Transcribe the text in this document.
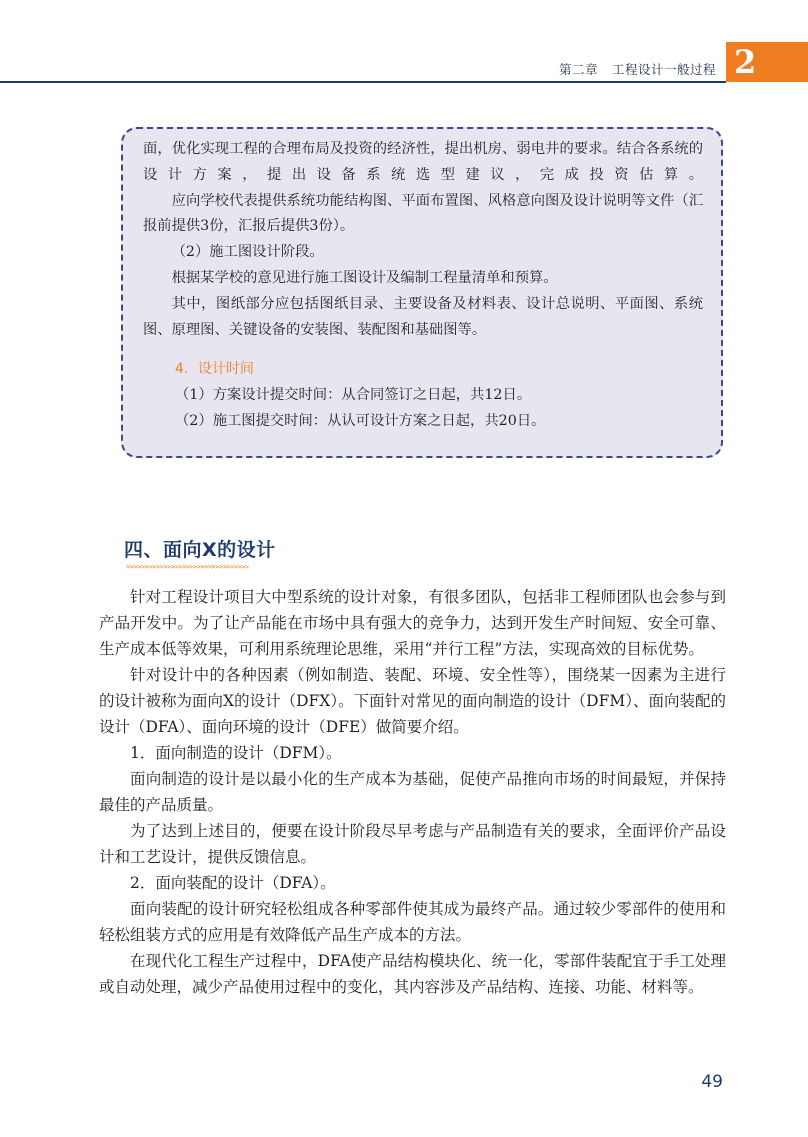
第二章 工程设计一般过程 2

面，优化实现工程的合理布局及投资的经济性，提出机房、弱电井的要求。结合各系统的设计方案，提出设备系统选型建议，完成投资估算。

应向学校代表提供系统功能结构图、平面布置图、风格意向图及设计说明等文件（汇报前提供3份，汇报后提供3份）。

（2）施工图设计阶段。

根据某学校的意见进行施工图设计及编制工程量清单和预算。

其中，图纸部分应包括图纸目录、主要设备及材料表、设计总说明、平面图、系统图、原理图、关键设备的安装图、装配图和基础图等。

4．设计时间

（1）方案设计提交时间：从合同签订之日起，共12日。

（2）施工图提交时间：从认可设计方案之日起，共20日。

四、面向X的设计
>>>>>>>>>>>>>>>>>>>>>>>>>>>>>>>>>

针对工程设计项目大中型系统的设计对象，有很多团队，包括非工程师团队也会参与到产品开发中。为了让产品能在市场中具有强大的竞争力，达到开发生产时间短、安全可靠、生产成本低等效果，可利用系统理论思维，采用“并行工程”方法，实现高效的目标优势。

针对设计中的各种因素（例如制造、装配、环境、安全性等），围绕某一因素为主进行的设计被称为面向X的设计（DFX）。下面针对常见的面向制造的设计（DFM）、面向装配的设计（DFA）、面向环境的设计（DFE）做简要介绍。

1．面向制造的设计（DFM）。

面向制造的设计是以最小化的生产成本为基础，促使产品推向市场的时间最短，并保持最佳的产品质量。

为了达到上述目的，便要在设计阶段尽早考虑与产品制造有关的要求，全面评价产品设计和工艺设计，提供反馈信息。

2．面向装配的设计（DFA）。

面向装配的设计研究轻松组成各种零部件使其成为最终产品。通过较少零部件的使用和轻松组装方式的应用是有效降低产品生产成本的方法。

在现代化工程生产过程中，DFA使产品结构模块化、统一化，零部件装配宜于手工处理或自动处理，减少产品使用过程中的变化，其内容涉及产品结构、连接、功能、材料等。

49
